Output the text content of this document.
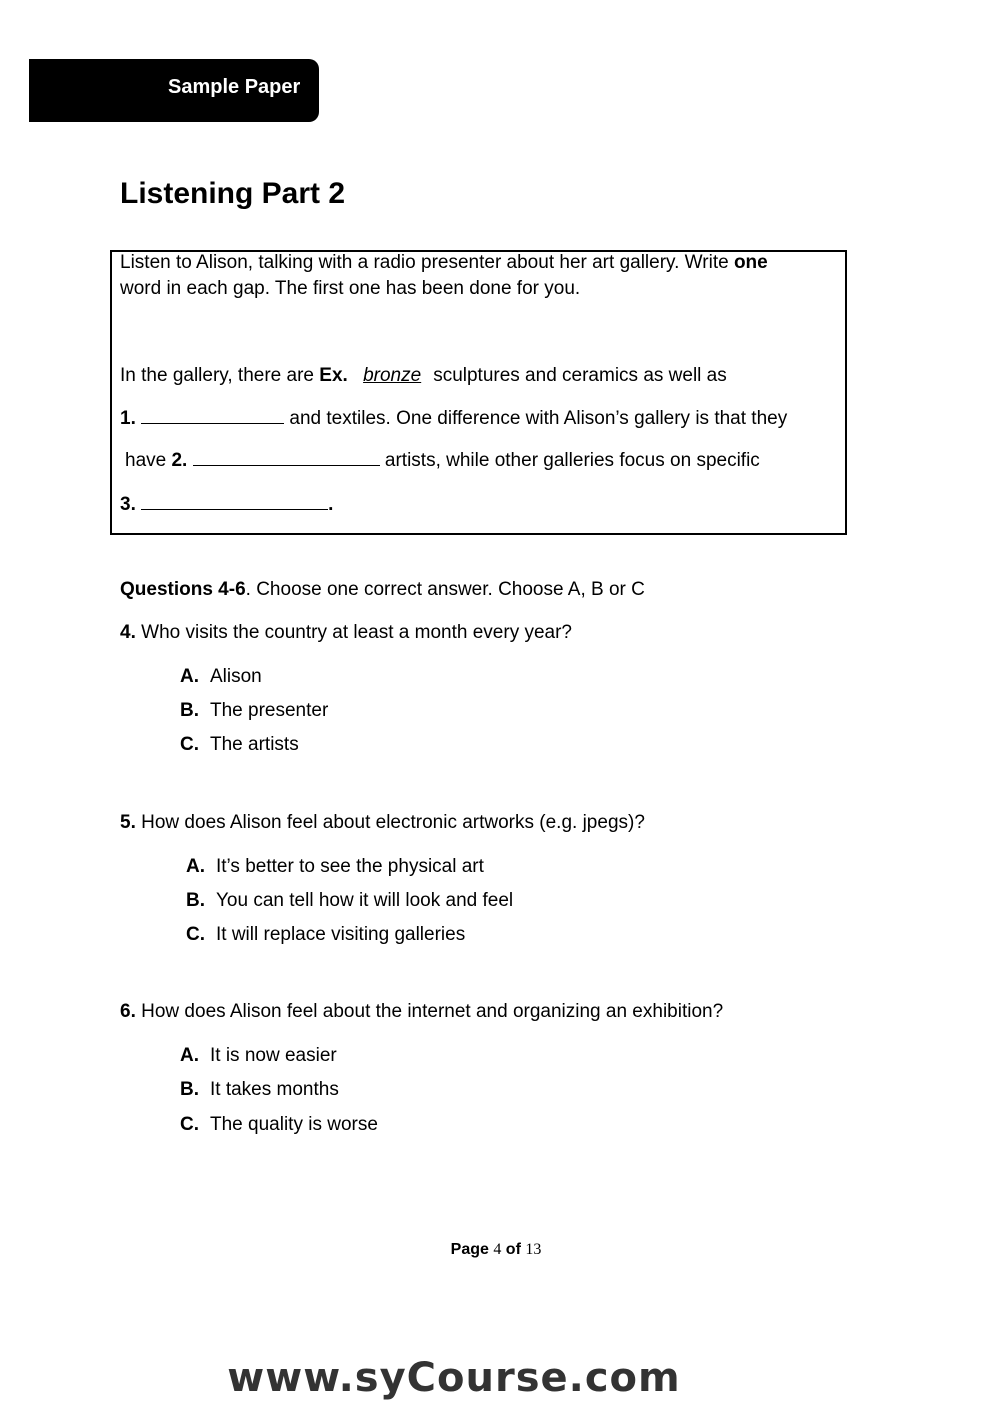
Sample Paper
Listening Part 2
Listen to Alison, talking with a radio presenter about her art gallery. Write one
word in each gap. The first one has been done for you.
In the gallery, there are Ex. bronze sculptures and ceramics as well as
1.	and textiles. One difference with Alison’s gallery is that they
have 2.	artists, while other galleries focus on specific
3.	.
Questions 4-6. Choose one correct answer. Choose A, B or C
4. Who visits the country at least a month every year?
A. Alison
B. The presenter
C. The artists
5. How does Alison feel about electronic artworks (e.g. jpegs)?
A. It’s better to see the physical art
B. You can tell how it will look and feel
C. It will replace visiting galleries
6. How does Alison feel about the internet and organizing an exhibition?
A. It is now easier
B. It takes months
C. The quality is worse
Page 4 of 13
www.syCourse.com
